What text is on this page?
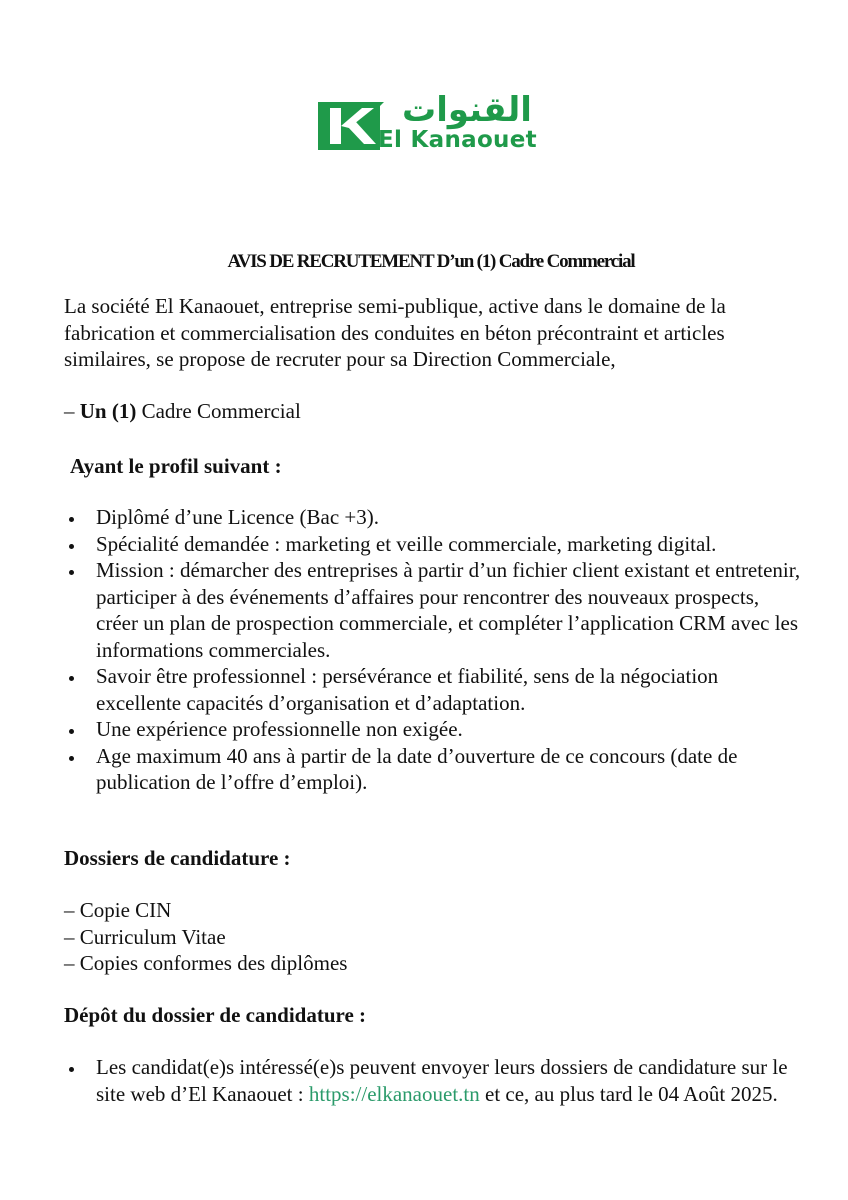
القنوات
El Kanaouet
AVIS DE RECRUTEMENT D’un (1) Cadre Commercial

La société El Kanaouet, entreprise semi-publique, active dans le domaine de la fabrication et commercialisation des conduites en béton précontraint et articles similaires, se propose de recruter pour sa Direction Commerciale,

– Un (1) Cadre Commercial
Ayant le profil suivant :
Diplômé d’une Licence (Bac +3).
Spécialité demandée : marketing et veille commerciale, marketing digital.
Mission : démarcher des entreprises à partir d’un fichier client existant et entretenir, participer à des événements d’affaires pour rencontrer des nouveaux prospects, créer un plan de prospection commerciale, et compléter l’application CRM avec les informations commerciales.
Savoir être professionnel : persévérance et fiabilité, sens de la négociation excellente capacités d’organisation et d’adaptation.
Une expérience professionnelle non exigée.
Age maximum 40 ans à partir de la date d’ouverture de ce concours (date de publication de l’offre d’emploi).
Dossiers de candidature :

– Copie CIN

– Curriculum Vitae

– Copies conformes des diplômes

Dépôt du dossier de candidature :
Les candidat(e)s intéressé(e)s peuvent envoyer leurs dossiers de candidature sur le site web d’El Kanaouet : https://elkanaouet.tn et ce, au plus tard le 04 Août 2025.
